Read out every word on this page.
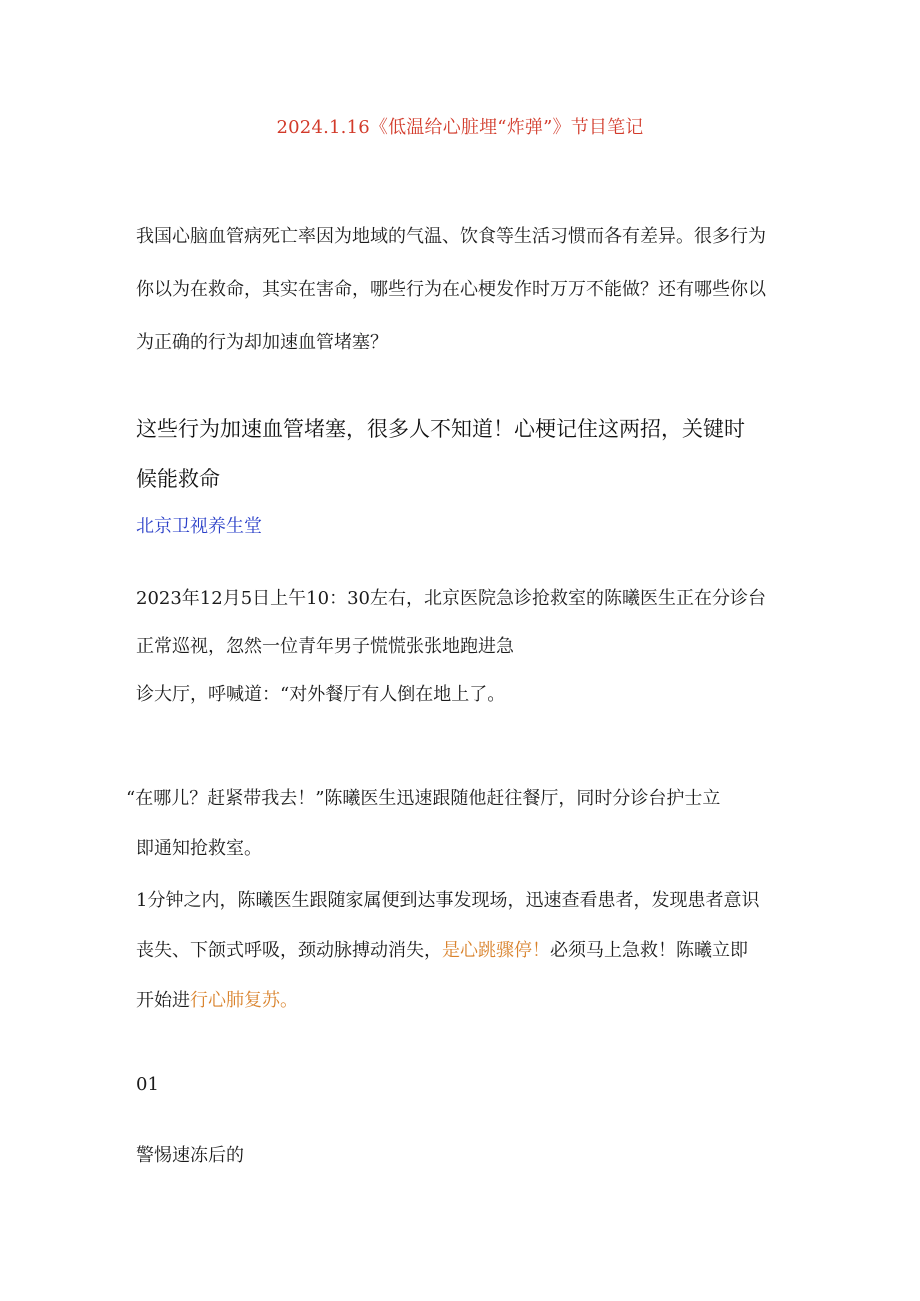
2024.1.16《低温给心脏埋“炸弹”》节目笔记

我国心脑血管病死亡率因为地域的气温、饮食等生活习惯而各有差异。很多行为

你以为在救命，其实在害命，哪些行为在心梗发作时万万不能做？还有哪些你以

为正确的行为却加速血管堵塞？

这些行为加速血管堵塞，很多人不知道！心梗记住这两招，关键时

候能救命

北京卫视养生堂

2023年12月5日上午10：30左右，北京医院急诊抢救室的陈曦医生正在分诊台

正常巡视，忽然一位青年男子慌慌张张地跑进急

诊大厅，呼喊道：“对外餐厅有人倒在地上了。

“在哪儿？赶紧带我去！”陈曦医生迅速跟随他赶往餐厅，同时分诊台护士立

即通知抢救室。

1分钟之内，陈曦医生跟随家属便到达事发现场，迅速查看患者，发现患者意识

丧失、下颌式呼吸，颈动脉搏动消失，是心跳骤停！必须马上急救！陈曦立即

开始进行心肺复苏。

01
警惕速冻后的
